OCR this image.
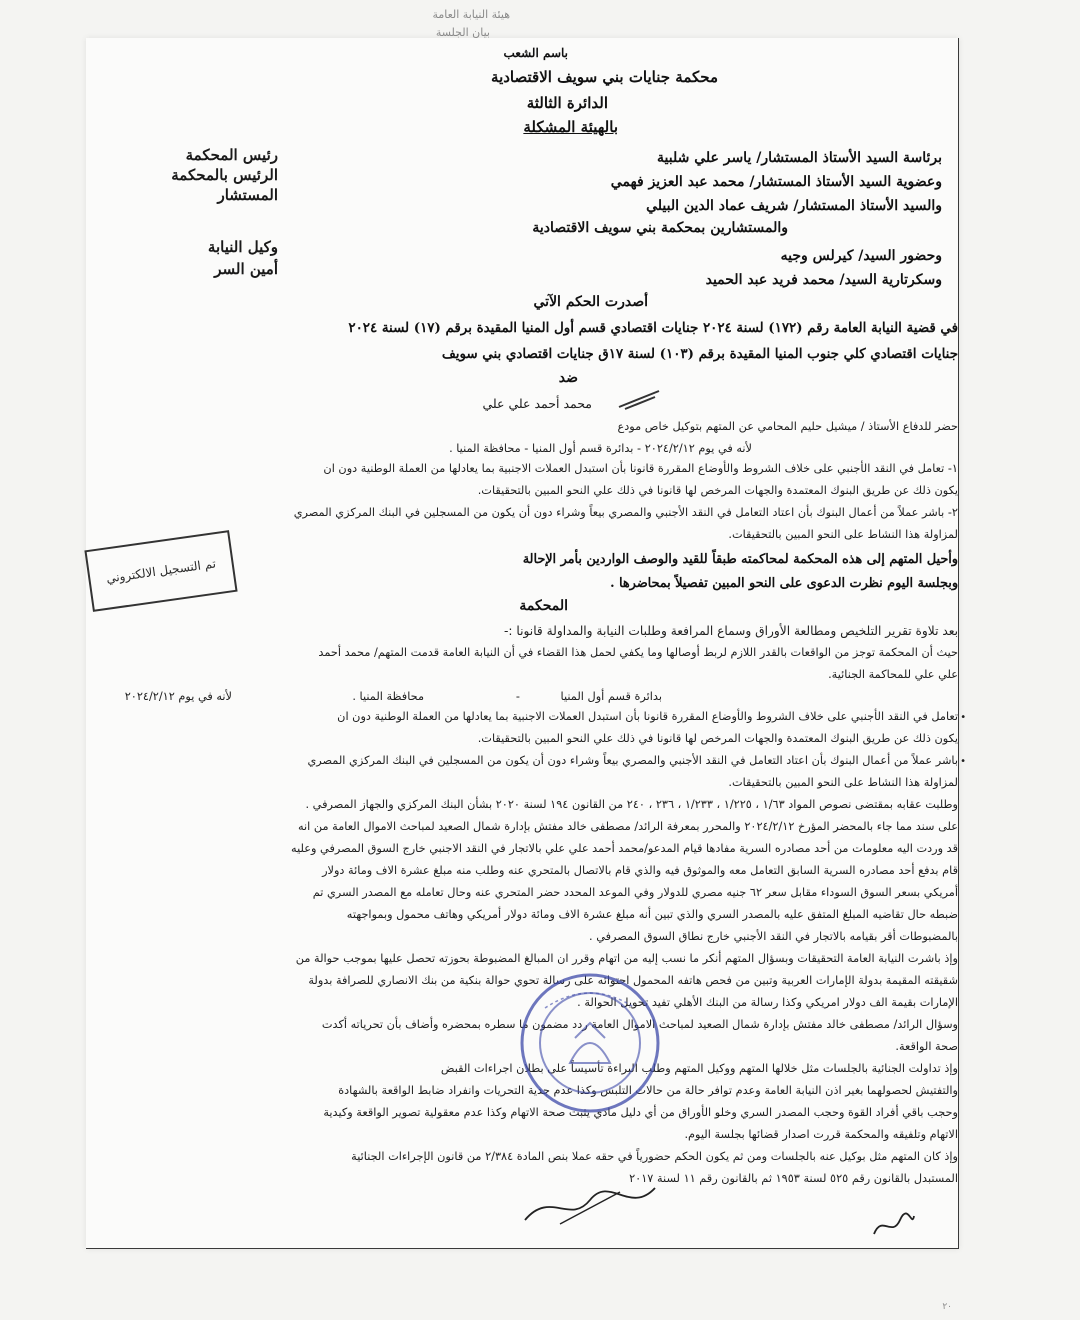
هيئة النيابة العامة
بيان الجلسة
باسم الشعب
محكمة جنايات بني سويف الاقتصادية
الدائرة الثالثة
بالهيئة المشكلة
رئيس المحكمة
الرئيس بالمحكمة
المستشار
وكيل النيابة
أمين السر
برئاسة السيد الأستاذ المستشار/ ياسر علي شلبية
وعضوية السيد الأستاذ المستشار/ محمد عبد العزيز فهمي
والسيد الأستاذ المستشار/ شريف عماد الدين البيلي
والمستشارين بمحكمة بني سويف الاقتصادية
وحضور السيد/ كيرلس وجيه
وسكرتارية السيد/ محمد فريد عبد الحميد
أصدرت الحكم الآتي
في قضية النيابة العامة رقم (١٧٢) لسنة ٢٠٢٤ جنايات اقتصادي قسم أول المنيا المقيدة برقم (١٧) لسنة ٢٠٢٤
جنايات اقتصادي كلي جنوب المنيا المقيدة برقم (١٠٣) لسنة ١٧ق جنايات اقتصادي بني سويف
ضد
محمد أحمد علي علي
حضر للدفاع الأستاذ / ميشيل حليم المحامي عن المتهم بتوكيل خاص مودع
لأنه في يوم ٢٠٢٤/٢/١٢ - بدائرة قسم أول المنيا - محافظة المنيا .
١- تعامل في النقد الأجنبي على خلاف الشروط والأوضاع المقررة قانونا بأن استبدل العملات الاجنبية بما يعادلها من العملة الوطنية دون ان
يكون ذلك عن طريق البنوك المعتمدة والجهات المرخص لها قانونا في ذلك علي النحو المبين بالتحقيقات.
٢- باشر عملاً من أعمال البنوك بأن اعتاد التعامل في النقد الأجنبي والمصري بيعاً وشراء دون أن يكون من المسجلين في البنك المركزي المصري
لمزاولة هذا النشاط على النحو المبين بالتحقيقات.
وأحيل المتهم إلى هذه المحكمة لمحاكمته طبقاً للقيد والوصف الواردين بأمر الإحالة
وبجلسة اليوم نظرت الدعوى على النحو المبين تفصيلاً بمحاضرها .
المحكمة
بعد تلاوة تقرير التلخيص ومطالعة الأوراق وسماع المرافعة وطلبات النيابة والمداولة قانونا :-
حيث أن المحكمة توجز من الواقعات بالقدر اللازم لربط أوصالها وما يكفي لحمل هذا القضاء في أن النيابة العامة قدمت المتهم/ محمد أحمد
علي علي للمحاكمة الجنائية.
لأنه في يوم ٢٠٢٤/٢/١٢	بدائرة قسم أول المنيا
-
محافظة المنيا .
•
تعامل في النقد الأجنبي على خلاف الشروط والأوضاع المقررة قانونا بأن استبدل العملات الاجنبية بما يعادلها من العملة الوطنية دون ان
يكون ذلك عن طريق البنوك المعتمدة والجهات المرخص لها قانونا في ذلك علي النحو المبين بالتحقيقات.
•
باشر عملاً من أعمال البنوك بأن اعتاد التعامل في النقد الأجنبي والمصري بيعاً وشراء دون أن يكون من المسجلين في البنك المركزي المصري
لمزاولة هذا النشاط على النحو المبين بالتحقيقات.
وطلبت عقابه بمقتضى نصوص المواد ١/٦٣ ، ١/٢٢٥ ، ١/٢٣٣ ، ٢٣٦ ، ٢٤٠ من القانون ١٩٤ لسنة ٢٠٢٠ بشأن البنك المركزي والجهاز المصرفي .
على سند مما جاء بالمحضر المؤرخ ٢٠٢٤/٢/١٢ والمحرر بمعرفة الرائد/ مصطفى خالد مفتش بإدارة شمال الصعيد لمباحث الاموال العامة من انه
قد وردت اليه معلومات من أحد مصادره السرية مفادها قيام المدعو/محمد أحمد علي علي بالاتجار في النقد الاجنبي خارج السوق المصرفي وعليه
قام بدفع أحد مصادره السرية السابق التعامل معه والموثوق فيه والذي قام بالاتصال بالمتحري عنه وطلب منه مبلغ عشرة الاف ومائة دولار
أمريكي بسعر السوق السوداء مقابل سعر ٦٢ جنيه مصري للدولار وفي الموعد المحدد حضر المتحري عنه وحال تعامله مع المصدر السري تم
ضبطه حال تقاضيه المبلغ المتفق عليه بالمصدر السري والذي تبين أنه مبلغ عشرة الاف ومائة دولار أمريكي وهاتف محمول وبمواجهته
بالمضبوطات أقر بقيامه بالاتجار في النقد الأجنبي خارج نطاق السوق المصرفي .
وإذ باشرت النيابة العامة التحقيقات وبسؤال المتهم أنكر ما نسب إليه من اتهام وقرر ان المبالغ المضبوطة بحوزته تحصل عليها بموجب حوالة من
شقيقته المقيمة بدولة الإمارات العربية وتبين من فحص هاتفه المحمول احتوائه على رسالة تحوي حوالة بنكية من بنك الانصاري للصرافة بدولة
الإمارات بقيمة الف دولار امريكي وكذا رسالة من البنك الأهلي تفيد تحويل الحوالة .
وسؤال الرائد/ مصطفى خالد مفتش بإدارة شمال الصعيد لمباحث الاموال العامة ردد مضمون ما سطره بمحضره وأضاف بأن تحرياته أكدت
صحة الواقعة.
وإذ تداولت الجنائية بالجلسات مثل خلالها المتهم ووكيل المتهم وطلب البراءة تأسيساً على بطلان اجراءات القبض
والتفتيش لحصولهما بغير اذن النيابة العامة وعدم توافر حالة من حالات التلبس وكذا عدم جدية التحريات وانفراد ضابط الواقعة بالشهادة
وحجب باقي أفراد القوة وحجب المصدر السري وخلو الأوراق من أي دليل مادي يثبت صحة الاتهام وكذا عدم معقولية تصوير الواقعة وكيدية
الاتهام وتلفيقه والمحكمة قررت اصدار قضائها بجلسة اليوم.
وإذ كان المتهم مثل بوكيل عنه بالجلسات ومن ثم يكون الحكم حضورياً في حقه عملا بنص المادة ٢/٣٨٤ من قانون الإجراءات الجنائية
المستبدل بالقانون رقم ٥٢٥ لسنة ١٩٥٣ ثم بالقانون رقم ١١ لسنة ٢٠١٧
تم التسجيل الالكتروني
٢٠
